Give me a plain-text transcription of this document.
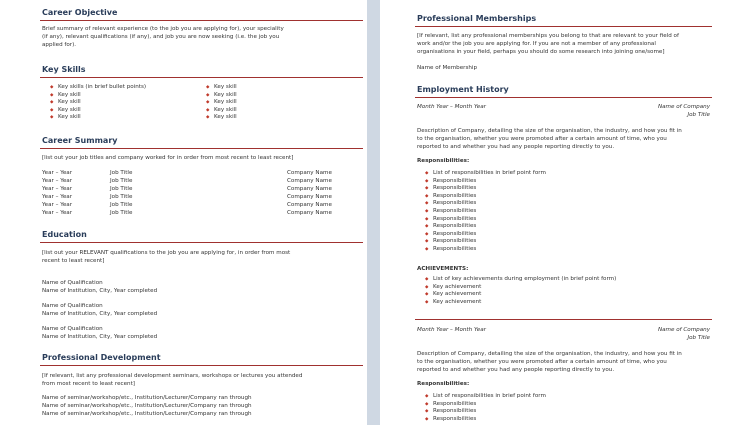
Career Objective
Brief summary of relevant experience (to the job you are applying for), your speciality
(if any), relevant qualifications (if any), and job you are now seeking (i.e. the job you
applied for).
Key Skills
◆ Key skills (in brief bullet points)
◆ Key skill
◆ Key skill
◆ Key skill
◆ Key skill
◆ Key skill
◆ Key skill
◆ Key skill
◆ Key skill
◆ Key skill
Career Summary
[list out your job titles and company worked for in order from most recent to least recent]
Year – Year	Job Title	Company Name
Year – Year	Job Title	Company Name
Year – Year	Job Title	Company Name
Year – Year	Job Title	Company Name
Year – Year	Job Title	Company Name
Year – Year	Job Title	Company Name
Education
[list out your RELEVANT qualifications to the job you are applying for, in order from most
recent to least recent]
Name of Qualification
Name of Institution, City, Year completed
Name of Qualification
Name of Institution, City, Year completed
Name of Qualification
Name of Institution, City, Year completed
Professional Development
[If relevant, list any professional development seminars, workshops or lectures you attended
from most recent to least recent]
Name of seminar/workshop/etc., Institution/Lecturer/Company ran through
Name of seminar/workshop/etc., Institution/Lecturer/Company ran through
Name of seminar/workshop/etc., Institution/Lecturer/Company ran through
Professional Memberships
[If relevant, list any professional memberships you belong to that are relevant to your field of
work and/or the job you are applying for. If you are not a member of any professional
organisations in your field, perhaps you should do some research into joining one/some]
Name of Membership
Employment History
Month Year – Month Year	Name of Company
Job Title
Description of Company, detailing the size of the organisation, the industry, and how you fit in
to the organisation, whether you were promoted after a certain amount of time, who you
reported to and whether you had any people reporting directly to you.
Responsibilities:
◆ List of responsibilities in brief point form
◆ Responsibilities
◆ Responsibilities
◆ Responsibilities
◆ Responsibilities
◆ Responsibilities
◆ Responsibilities
◆ Responsibilities
◆ Responsibilities
◆ Responsibilities
◆ Responsibilities
ACHIEVEMENTS:
◆ List of key achievements during employment (in brief point form)
◆ Key achievement
◆ Key achievement
◆ Key achievement
Month Year – Month Year	Name of Company
Job Title
Description of Company, detailing the size of the organisation, the industry, and how you fit in
to the organisation, whether you were promoted after a certain amount of time, who you
reported to and whether you had any people reporting directly to you.
Responsibilities:
◆ List of responsibilities in brief point form
◆ Responsibilities
◆ Responsibilities
◆ Responsibilities
